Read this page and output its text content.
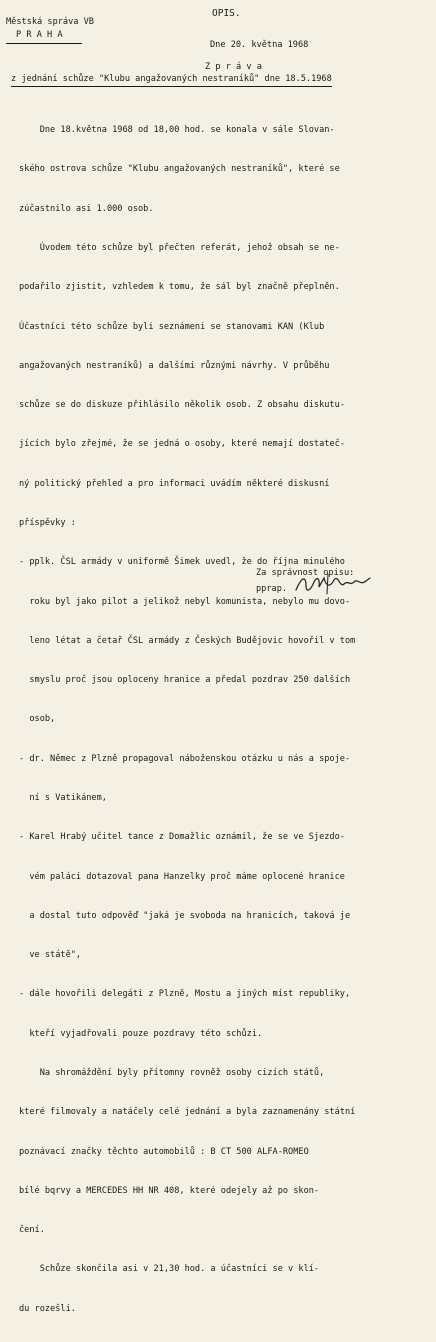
OPIS.
Městská správa VB
P R A H A
Dne 20. května 1968
Z p r á v a
z jednání schůze "Klubu angažovaných nestraníků" dne 18.5.1968

Dne 18.května 1968 od 18,00 hod. se konala v sále Slovan-

ského ostrova schůze "Klubu angažovaných nestraníků", které se

zúčastnilo asi 1.000 osob.

Úvodem této schůze byl přečten referát, jehož obsah se ne-

podařilo zjistit, vzhledem k tomu, že sál byl značně přeplněn.

Účastníci této schůze byli seznámeni se stanovami KAN (Klub

angažovaných nestraníků) a dalšími různými návrhy. V průběhu

schůze se do diskuze přihlásilo několik osob. Z obsahu diskutu-

jících bylo zřejmé, že se jedná o osoby, které nemají dostateč-

ný politický přehled a pro informaci uvádím některé diskusní

příspěvky :

- pplk. ČSL armády v uniformě Šimek uvedl, že do října minulého

roku byl jako pilot a jelikož nebyl komunista, nebylo mu dovo-

leno létat a četař ČSL armády z Českých Budějovic hovořil v tom

smyslu proč jsou oploceny hranice a předal pozdrav 250 dalších

osob,

- dr. Němec z Plzně propagoval náboženskou otázku u nás a spoje-

ní s Vatikánem,

- Karel Hrabý učitel tance z Domažlic oznámil, že se ve Sjezdo-

vém paláci dotazoval pana Hanzelky proč máme oplocené hranice

a dostal tuto odpověď "jaká je svoboda na hranicích, taková je

ve státě",

- dále hovořili delegáti z Plzně, Mostu a jiných míst republiky,

kteří vyjadřovali pouze pozdravy této schůzi.

Na shromáždění byly přítomny rovněž osoby cizích států,

které filmovaly a natáčely celé jednání a byla zaznamenány státní

poznávací značky těchto automobilů : B CT 500 ALFA-ROMEO

bílé bqrvy a MERCEDES HH NR 408, které odejely až po skon-

čení.

Schůze skončila asi v 21,30 hod. a účastníci se v klí-

du rozešli.

Za správnost opisu:
pprap.
